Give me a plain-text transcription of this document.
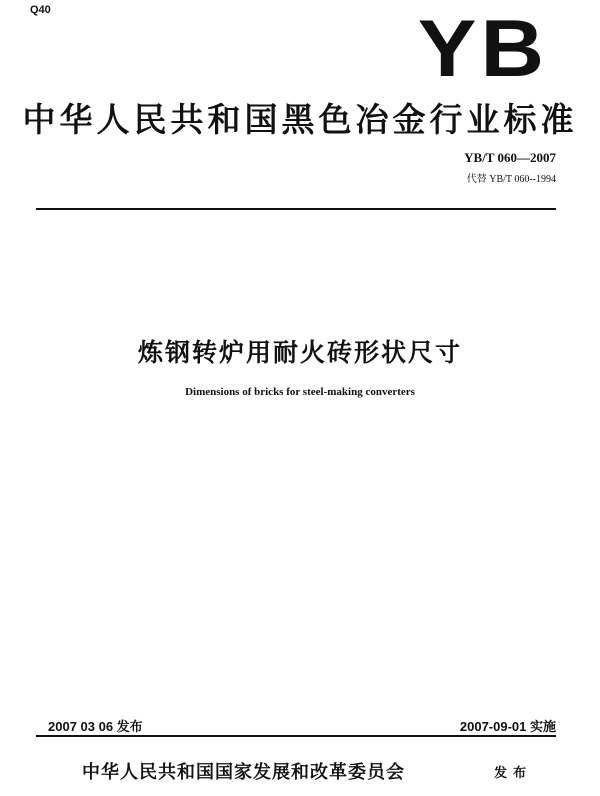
Q40	YB
中华人民共和国黑色冶金行业标准
YB/T 060—2007
代替 YB/T 060--1994
炼钢转炉用耐火砖形状尺寸
Dimensions of bricks for steel-making converters
2007 03 06 发布	2007-09-01 实施
中华人民共和国国家发展和改革委员会	发布
